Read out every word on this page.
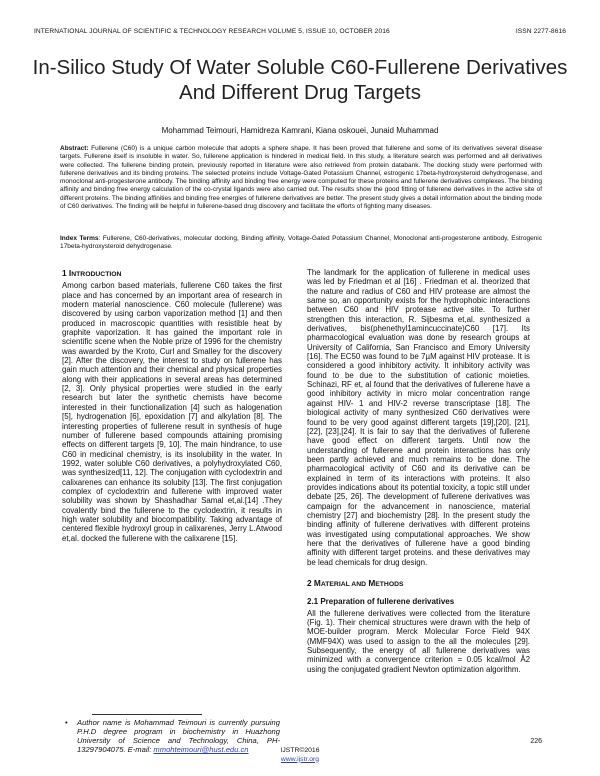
INTERNATIONAL JOURNAL OF SCIENTIFIC & TECHNOLOGY RESEARCH VOLUME 5, ISSUE 10, OCTOBER 2016	ISSN 2277-8616
In-Silico Study Of Water Soluble C60-Fullerene Derivatives And Different Drug Targets
Mohammad Teimouri, Hamidreza Kamrani, Kiana oskouei, Junaid Muhammad
Abstract: Fullerene (C60) is a unique carbon molecule that adopts a sphere shape. It has been proved that fullerene and some of its derivatives several disease targets. Fullerene itself is insoluble in water. So, fullerene application is hindered in medical field. In this study, a literature search was performed and all derivatives were collected. The fullerene binding protein, previously reported in literature were also retrieved from protein databank. The docking study were performed with fullerene derivatives and its binding proteins. The selected proteins include Voltage-Gated Potassium Channel, estrogenic 17beta-hydroxysteroid dehydrogenase, and monoclonal anti-progesterone antibody. The binding affinity and binding free energy were computed for these proteins and fullerene derivatives complexes. The binding affinity and binding free energy calculation of the co-crystal ligands were also carried out. The results show the good fitting of fullerene derivatives in the active site of different proteins. The binding affinities and binding free energies of fullerene derivatives are better. The present study gives a detail information about the binding mode of C60 derivatives. The finding will be helpful in fullerene-based drug discovery and facilitate the efforts of fighting many diseases.
Index Terms: Fullerene, C60-derivatives, molecular docking, Binding affinity, Voltage-Gated Potassium Channel, Monoclonal anti-progesterone antibody, Estrogenic 17beta-hydroxysteroid dehydrogenase.
1 INTRODUCTION

Among carbon based materials, fullerene C60 takes the first place and has concerned by an important area of research in modern material nanoscience. C60 molecule (fullerene) was discovered by using carbon vaporization method [1] and then produced in macroscopic quantities with resistible heat by graphite vaporization. It has gained the important role in scientific scene when the Noble prize of 1996 for the chemistry was awarded by the Kroto, Curl and Smalley for the discovery [2]. After the discovery, the interest to study on fullerene has gain much attention and their chemical and physical properties along with their applications in several areas has determined [2, 3]. Only physical properties were studied in the early research but later the synthetic chemists have become interested in their functionalization [4] such as halogenation [5], hydrogenation [6], epoxidation [7] and alkylation [8]. The interesting properties of fullerene result in synthesis of huge number of fullerene based compounds attaining promising effects on different targets [9, 10]. The main hindrance, to use C60 in medicinal chemistry, is its insolubility in the water. In 1992, water soluble C60 derivatives, a polyhydroxylated C60, was synthesized[11, 12]. The conjugation with cyclodextrin and calixarenes can enhance its solubity [13]. The first conjugation complex of cyclodextrin and fullerene with improved water solubility was shown by Shashadhar Samal et,al.[14] .They covalently bind the fullerene to the cyclodextrin, it results in high water solubility and biocompatibility. Taking advantage of centered flexible hydroxyl group in calixarenes, Jerry L.Atwood et,al. docked the fullerene with the calixarene [15].

The landmark for the application of fullerene in medical uses was led by Friedman et al [16] . Friedman et al. theorized that the nature and radius of C60 and HIV protease are almost the same so, an opportunity exists for the hydrophobic interactions between C60 and HIV protease active site. To further strengthen this interaction, R. Sijbesma et,al. synthesized a derivatives, bis(phenethyl1amincuccinate)C60 [17]. Its pharmacological evaluation was done by research groups at University of California, San Francisco and Emory University [16]. The EC50 was found to be 7µM against HIV protease. It is considered a good inhibitory activity. It inhibitory activity was found to be due to the substitution of cationic moieties. Schinazi, RF et, al found that the derivatives of fullerene have a good inhibitory activity in micro molar concentration range against HIV- 1 and HIV-2 reverse transcriptase [18]. The biological activity of many synthesized C60 derivatives were found to be very good against different targets [19],[20], [21], [22], [23],[24]. It is fair to say that the derivatives of fullerene have good effect on different targets. Until now the understanding of fullerene and protein interactions has only been partly achieved and much remains to be done. The pharmacological activity of C60 and its derivative can be explained in term of its interactions with proteins. It also provides indications about its potential toxicity, a topic still under debate [25, 26]. The development of fullerene derivatives was campaign for the advancement in nanoscience, material chemistry [27] and biochemistry [28]. In the present study the binding affinity of fullerene derivatives with different proteins was investigated using computational approaches. We show here that the derivatives of fullerene have a good binding affinity with different target proteins. and these derivatives may be lead chemicals for drug design.

2 MATERIAL AND METHODS
2.1 Preparation of fullerene derivatives

All the fullerene derivatives were collected from the literature (Fig. 1). Their chemical structures were drawn with the help of MOE-builder program. Merck Molecular Force Field 94X (MMF94X) was used to assign to the all the molecules [29]. Subsequently, the energy of all fullerene derivatives was minimized with a convergence criterion = 0.05 kcal/mol Å2 using the conjugated gradient Newton optimization algorithm.

• Author name is Mohammad Teimouri is currently pursuing P.H.D degree program in biochemistry in Huazhong University of Science and Technology, China, PH-13297904075. E-mail: mmohteimouri@hust.edu.cn
226
IJSTR©2016
www.ijstr.org
